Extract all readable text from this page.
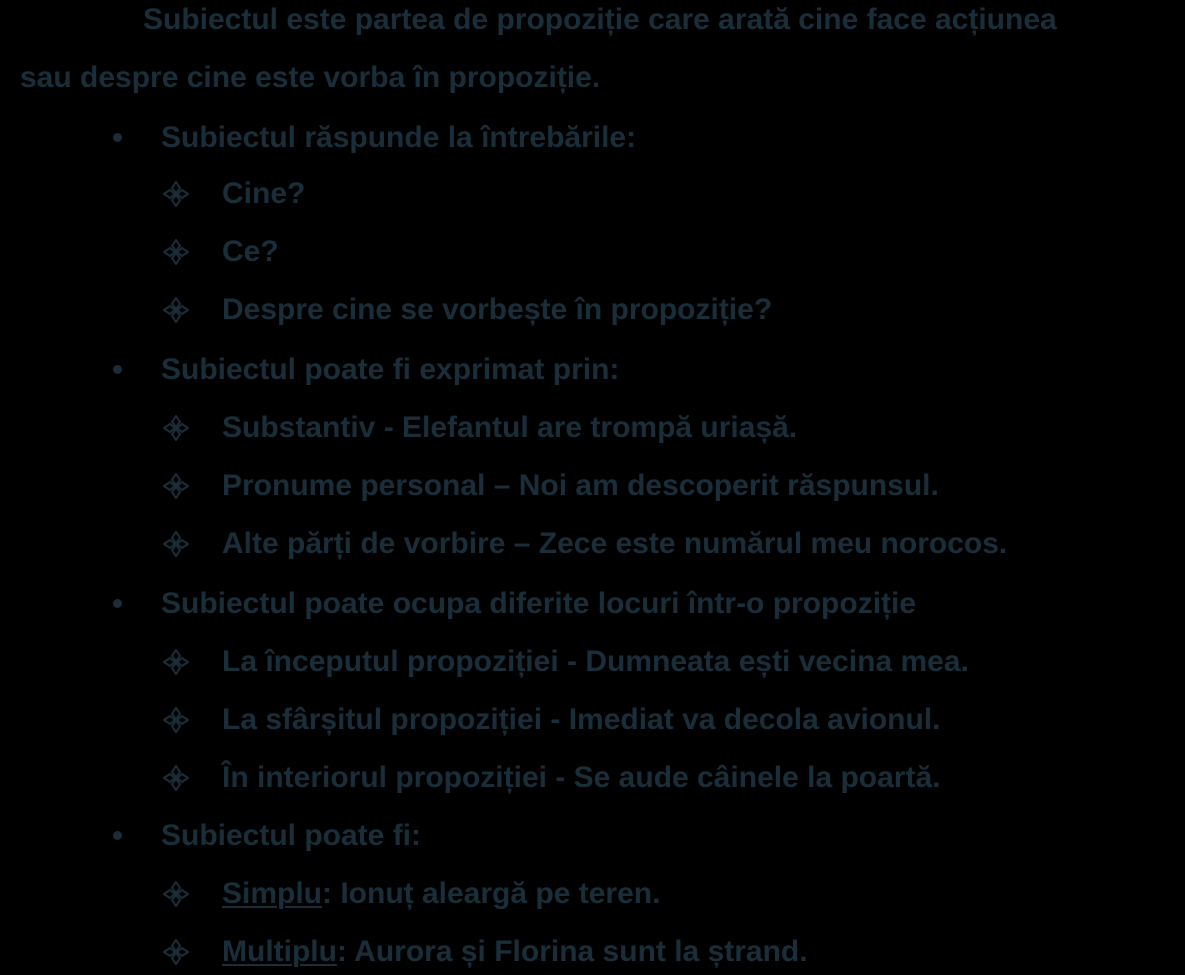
Subiectul este partea de propoziție care arată cine face acțiunea
sau despre cine este vorba în propoziție.
Subiectul răspunde la întrebările:
Cine?
Ce?
Despre cine se vorbește în propoziție?
Subiectul poate fi exprimat prin:
Substantiv - Elefantul are trompă uriașă.
Pronume personal – Noi am descoperit răspunsul.
Alte părți de vorbire – Zece este numărul meu norocos.
Subiectul poate ocupa diferite locuri într-o propoziție
La începutul propoziției - Dumneata ești vecina mea.
La sfârșitul propoziției - Imediat va decola avionul.
În interiorul propoziției - Se aude câinele la poartă.
Subiectul poate fi:
Simplu: Ionuț aleargă pe teren.
Multiplu: Aurora și Florina sunt la ștrand.
